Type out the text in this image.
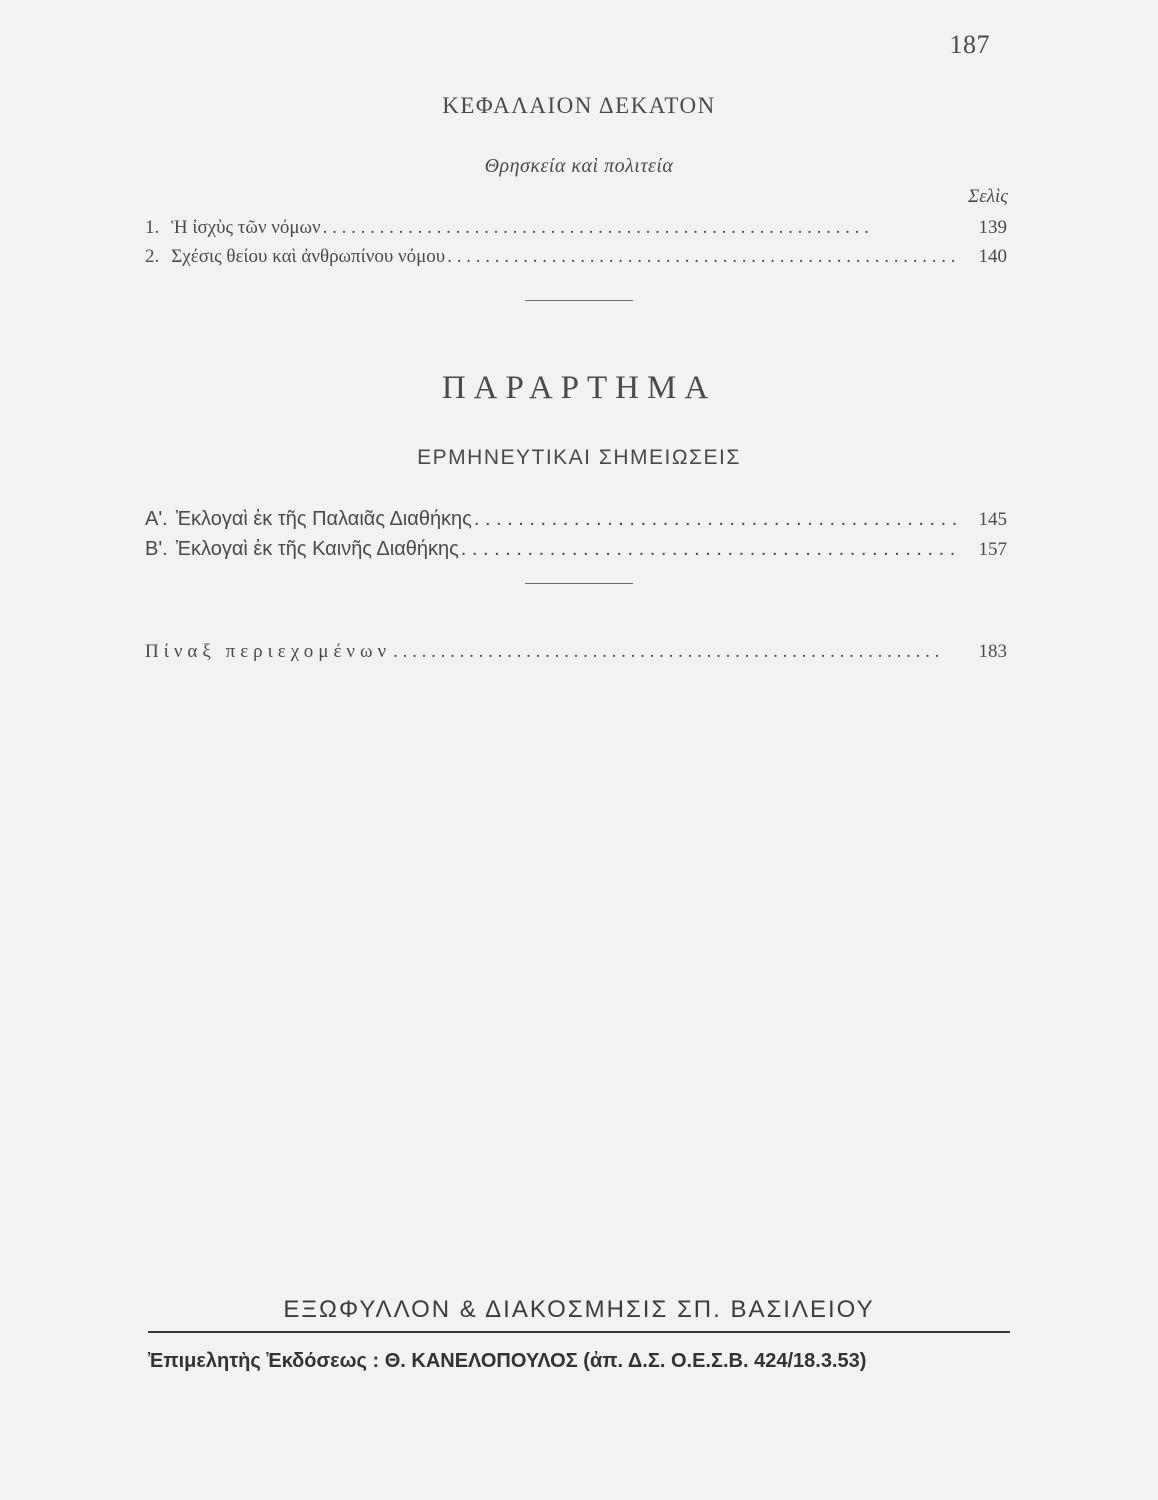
187
ΚΕΦΑΛΑΙΟΝ ΔΕΚΑΤΟΝ
Θρησκεία καὶ πολιτεία
Σελὶς
1. Ἡ ἰσχὺς τῶν νόμων . . .	139
2. Σχέσις θείου καὶ ἀνθρωπίνου νόμου . . .	140
ΠΑΡΑΡΤΗΜΑ
ΕΡΜΗΝΕΥΤΙΚΑΙ ΣΗΜΕΙΩΣΕΙΣ
Α'. Ἐκλογαὶ ἐκ τῆς Παλαιᾶς Διαθήκης . . .	145
Β'. Ἐκλογαὶ ἐκ τῆς Καινῆς Διαθήκης . . .	157
Πίναξ περιεχομένων . . .	183
ΕΞΩΦΥΛΛΟΝ & ΔΙΑΚΟΣΜΗΣΙΣ ΣΠ. ΒΑΣΙΛΕΙΟΥ
Ἐπιμελητὴς Ἐκδόσεως : Θ. ΚΑΝΕΛΟΠΟΥΛΟΣ (ἀπ. Δ.Σ. Ο.Ε.Σ.Β. 424/18.3.53)
